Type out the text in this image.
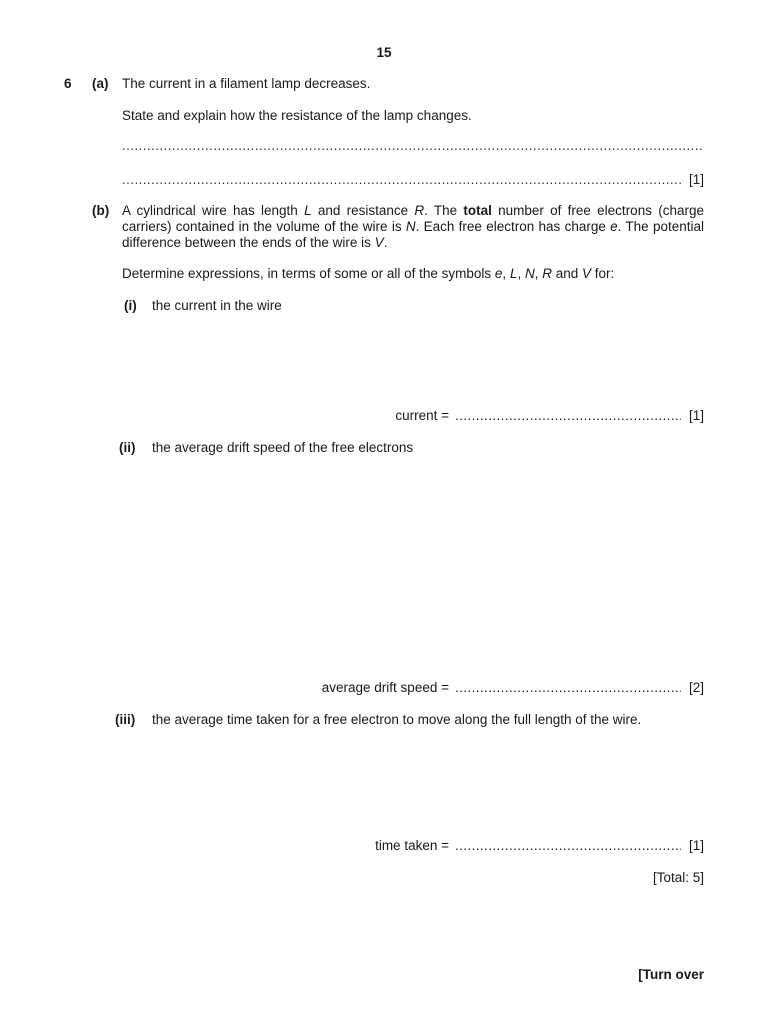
15
6 (a) The current in a filament lamp decreases.
State and explain how the resistance of the lamp changes.
.....
.....
[1]
(b) A cylindrical wire has length L and resistance R. The total number of free electrons (charge carriers) contained in the volume of the wire is N. Each free electron has charge e. The potential difference between the ends of the wire is V.
Determine expressions, in terms of some or all of the symbols e, L, N, R and V for:
(i) the current in the wire
current = .....	[1]
(ii) the average drift speed of the free electrons
average drift speed = .....	[2]
(iii) the average time taken for a free electron to move along the full length of the wire.
time taken = .....	[1]
[Total: 5]
[Turn over
